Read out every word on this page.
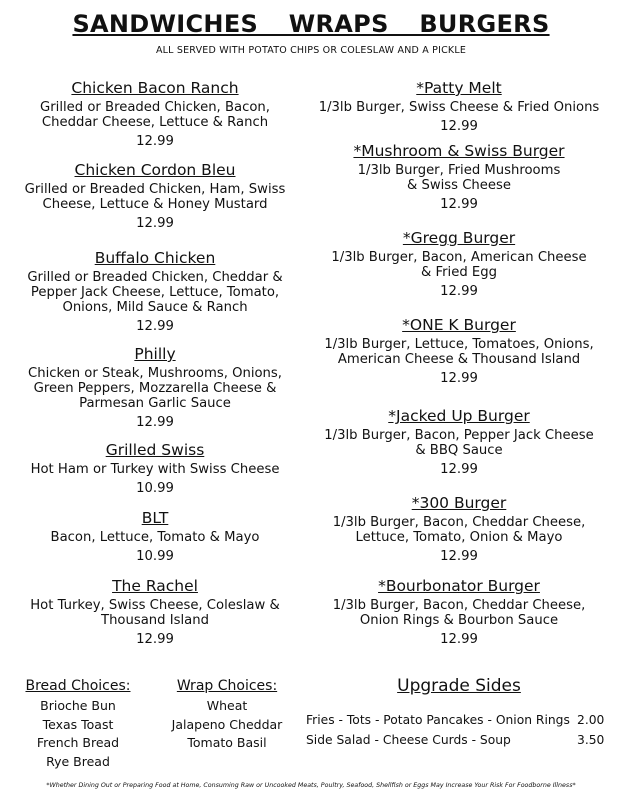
SANDWICHES WRAPS BURGERS
ALL SERVED WITH POTATO CHIPS OR COLESLAW AND A PICKLE
Chicken Bacon Ranch
Grilled or Breaded Chicken, Bacon,
Cheddar Cheese, Lettuce & Ranch
12.99
Chicken Cordon Bleu
Grilled or Breaded Chicken, Ham, Swiss
Cheese, Lettuce & Honey Mustard
12.99
Buffalo Chicken
Grilled or Breaded Chicken, Cheddar &
Pepper Jack Cheese, Lettuce, Tomato,
Onions, Mild Sauce & Ranch
12.99
Philly
Chicken or Steak, Mushrooms, Onions,
Green Peppers, Mozzarella Cheese &
Parmesan Garlic Sauce
12.99
Grilled Swiss
Hot Ham or Turkey with Swiss Cheese
10.99
BLT
Bacon, Lettuce, Tomato & Mayo
10.99
The Rachel
Hot Turkey, Swiss Cheese, Coleslaw &
Thousand Island
12.99
*Patty Melt
1/3lb Burger, Swiss Cheese & Fried Onions
12.99
*Mushroom & Swiss Burger
1/3lb Burger, Fried Mushrooms
& Swiss Cheese
12.99
*Gregg Burger
1/3lb Burger, Bacon, American Cheese
& Fried Egg
12.99
*ONE K Burger
1/3lb Burger, Lettuce, Tomatoes, Onions,
American Cheese & Thousand Island
12.99
*Jacked Up Burger
1/3lb Burger, Bacon, Pepper Jack Cheese
& BBQ Sauce
12.99
*300 Burger
1/3lb Burger, Bacon, Cheddar Cheese,
Lettuce, Tomato, Onion & Mayo
12.99
*Bourbonator Burger
1/3lb Burger, Bacon, Cheddar Cheese,
Onion Rings & Bourbon Sauce
12.99
Bread Choices:
Brioche Bun
Texas Toast
French Bread
Rye Bread
Wrap Choices:
Wheat
Jalapeno Cheddar
Tomato Basil
Upgrade Sides
Fries - Tots - Potato Pancakes - Onion Rings 2.00
Side Salad - Cheese Curds - Soup	3.50
*Whether Dining Out or Preparing Food at Home, Consuming Raw or Uncooked Meats, Poultry, Seafood, Shellfish or Eggs May Increase Your Risk For Foodborne Illness*
